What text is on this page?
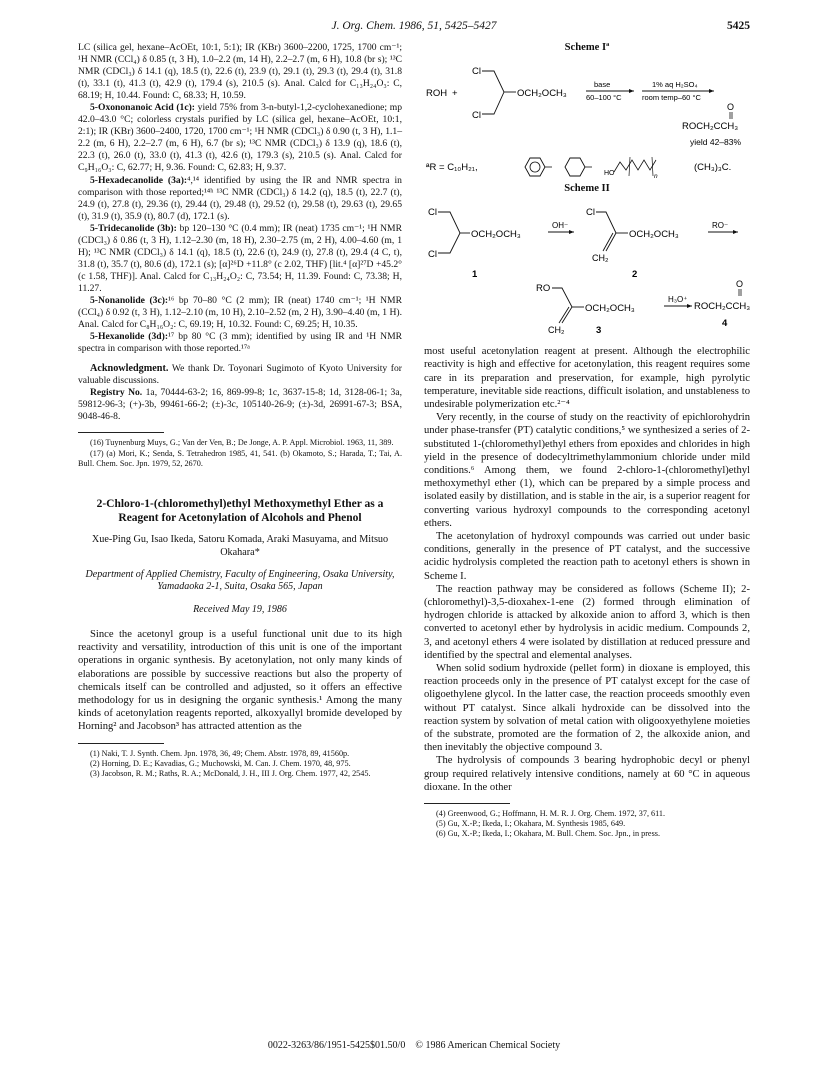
J. Org. Chem. 1986, 51, 5425–5427	5425

LC (silica gel, hexane–AcOEt, 10:1, 5:1); IR (KBr) 3600–2200, 1725, 1700 cm⁻¹; ¹H NMR (CCl₄) δ 0.85 (t, 3 H), 1.0–2.2 (m, 14 H), 2.2–2.7 (m, 6 H), 10.8 (br s); ¹³C NMR (CDCl₃) δ 14.1 (q), 18.5 (t), 22.6 (t), 23.9 (t), 29.1 (t), 29.3 (t), 29.4 (t), 31.8 (t), 33.1 (t), 41.3 (t), 42.9 (t), 179.4 (s), 210.5 (s). Anal. Calcd for C₁₃H₂₄O₃: C, 68.19; H, 10.44. Found: C, 68.33; H, 10.59.

5-Oxononanoic Acid (1c): yield 75% from 3-n-butyl-1,2-cyclohexanedione; mp 42.0–43.0 °C; colorless crystals purified by LC (silica gel, hexane–AcOEt, 10:1, 2:1); IR (KBr) 3600–2400, 1720, 1700 cm⁻¹; ¹H NMR (CDCl₃) δ 0.90 (t, 3 H), 1.1–2.2 (m, 6 H), 2.2–2.7 (m, 6 H), 6.7 (br s); ¹³C NMR (CDCl₃) δ 13.9 (q), 18.6 (t), 22.3 (t), 26.0 (t), 33.0 (t), 41.3 (t), 42.6 (t), 179.3 (s), 210.5 (s). Anal. Calcd for C₉H₁₆O₃: C, 62.77; H, 9.36. Found: C, 62.83; H, 9.37.

5-Hexadecanolide (3a):⁴,¹⁴ identified by using the IR and NMR spectra in comparison with those reported;¹⁴ʰ ¹³C NMR (CDCl₃) δ 14.2 (q), 18.5 (t), 22.7 (t), 24.9 (t), 27.8 (t), 29.36 (t), 29.44 (t), 29.48 (t), 29.52 (t), 29.58 (t), 29.63 (t), 29.65 (t), 31.9 (t), 35.9 (t), 80.7 (d), 172.1 (s).

5-Tridecanolide (3b): bp 120–130 °C (0.4 mm); IR (neat) 1735 cm⁻¹; ¹H NMR (CDCl₃) δ 0.86 (t, 3 H), 1.12–2.30 (m, 18 H), 2.30–2.75 (m, 2 H), 4.00–4.60 (m, 1 H); ¹³C NMR (CDCl₃) δ 14.1 (q), 18.5 (t), 22.6 (t), 24.9 (t), 27.8 (t), 29.4 (4 C, t), 31.8 (t), 35.7 (t), 80.6 (d), 172.1 (s); [α]²⁶D +11.8° (c 2.02, THF) [lit.⁴ [α]²⁷D +45.2° (c 1.58, THF)]. Anal. Calcd for C₁₃H₂₄O₂: C, 73.54; H, 11.39. Found: C, 73.38; H, 11.27.

5-Nonanolide (3c):¹⁶ bp 70–80 °C (2 mm); IR (neat) 1740 cm⁻¹; ¹H NMR (CCl₄) δ 0.92 (t, 3 H), 1.12–2.10 (m, 10 H), 2.10–2.52 (m, 2 H), 3.90–4.40 (m, 1 H). Anal. Calcd for C₈H₁₆O₂: C, 69.19; H, 10.32. Found: C, 69.25; H, 10.35.

5-Hexanolide (3d):¹⁷ bp 80 °C (3 mm); identified by using IR and ¹H NMR spectra in comparison with those reported.¹⁷ᵃ

Acknowledgment. We thank Dr. Toyonari Sugimoto of Kyoto University for valuable discussions.

Registry No. 1a, 70444-63-2; 16, 869-99-8; 1c, 3637-15-8; 1d, 3128-06-1; 3a, 59812-96-3; (+)-3b, 99461-66-2; (±)-3c, 105140-26-9; (±)-3d, 26991-67-3; BSA, 9048-46-8.

(16) Tuynenburg Muys, G.; Van der Ven, B.; De Jonge, A. P. Appl. Microbiol. 1963, 11, 389.

(17) (a) Mori, K.; Senda, S. Tetrahedron 1985, 41, 541. (b) Okamoto, S.; Harada, T.; Tai, A. Bull. Chem. Soc. Jpn. 1979, 52, 2670.

2-Chloro-1-(chloromethyl)ethyl Methoxymethyl Ether as a Reagent for Acetonylation of Alcohols and Phenol
Xue-Ping Gu, Isao Ikeda, Satoru Komada, Araki Masuyama, and Mitsuo Okahara*
Department of Applied Chemistry, Faculty of Engineering, Osaka University, Yamadaoka 2-1, Suita, Osaka 565, Japan
Received May 19, 1986

Since the acetonyl group is a useful functional unit due to its high reactivity and versatility, introduction of this unit is one of the important operations in organic synthesis. By acetonylation, not only many kinds of elaborations are possible by successive reactions but also the property of chemicals itself can be controlled and adjusted, so it offers an effective methodology for us in designing the organic synthesis.¹ Among the many kinds of acetonylation reagents reported, alkoxyallyl bromide developed by Horning² and Jacobson³ has attracted attention as the

(1) Naki, T. J. Synth. Chem. Jpn. 1978, 36, 49; Chem. Abstr. 1978, 89, 41560p.

(2) Horning, D. E.; Kavadias, G.; Muchowski, M. Can. J. Chem. 1970, 48, 975.

(3) Jacobson, R. M.; Raths, R. A.; McDonald, J. H., III J. Org. Chem. 1977, 42, 2545.

Scheme Iª
ROH +
Cl
Cl
OCH₂OCH₃
base
60–100 °C
1% aq H₂SO₄
room temp–60 °C
O
ROCH₂CCH₃
yield 42–83%
ªR = C₁₀H₂₁,
HO	n
(CH₃)₃C.
Scheme II
Cl
Cl
OCH₂OCH₃
OH⁻
1
Cl
OCH₂OCH₃
CH₂
RO⁻
2
RO
OCH₂OCH₃
CH₂
H₃O⁺
3
O
ROCH₂CCH₃
4

most useful acetonylation reagent at present. Although the electrophilic reactivity is high and effective for acetonylation, this reagent requires some care in its preparation and preservation, for example, high pyrolytic temperature, inevitable side reactions, difficult isolation, and unstableness to undesirable polymerization etc.²⁻⁴

Very recently, in the course of study on the reactivity of epichlorohydrin under phase-transfer (PT) catalytic conditions,⁵ we synthesized a series of 2-substituted 1-(chloromethyl)ethyl ethers from epoxides and chlorides in high yield in the presence of dodecyltrimethylammonium chloride under mild conditions.⁶ Among them, we found 2-chloro-1-(chloromethyl)ethyl methoxymethyl ether (1), which can be prepared by a simple process and isolated easily by distillation, and is stable in the air, is a superior reagent for converting various hydroxyl compounds to the corresponding acetonyl ethers.

The acetonylation of hydroxyl compounds was carried out under basic conditions, generally in the presence of PT catalyst, and the successive acidic hydrolysis completed the reaction path to acetonyl ethers is shown in Scheme I.

The reaction pathway may be considered as follows (Scheme II); 2-(chloromethyl)-3,5-dioxahex-1-ene (2) formed through elimination of hydrogen chloride is attacked by alkoxide anion to afford 3, which is then converted to acetonyl ether by hydrolysis in acidic medium. Compounds 2, 3, and acetonyl ethers 4 were isolated by distillation at reduced pressure and identified by the spectral and elemental analyses.

When solid sodium hydroxide (pellet form) in dioxane is employed, this reaction proceeds only in the presence of PT catalyst except for the case of oligoethylene glycol. In the latter case, the reaction proceeds smoothly even without PT catalyst. Since alkali hydroxide can be dissolved into the reaction system by solvation of metal cation with oligooxyethylene moieties of the substrate, promoted are the formation of 2, the alkoxide anion, and then inevitably the objective compound 3.

The hydrolysis of compounds 3 bearing hydrophobic decyl or phenyl group required relatively intensive conditions, namely at 60 °C in aqueous dioxane. In the other

(4) Greenwood, G.; Hoffmann, H. M. R. J. Org. Chem. 1972, 37, 611.

(5) Gu, X.-P.; Ikeda, I.; Okahara, M. Synthesis 1985, 649.

(6) Gu, X.-P.; Ikeda, I.; Okahara, M. Bull. Chem. Soc. Jpn., in press.

0022-3263/86/1951-5425$01.50/0 © 1986 American Chemical Society
